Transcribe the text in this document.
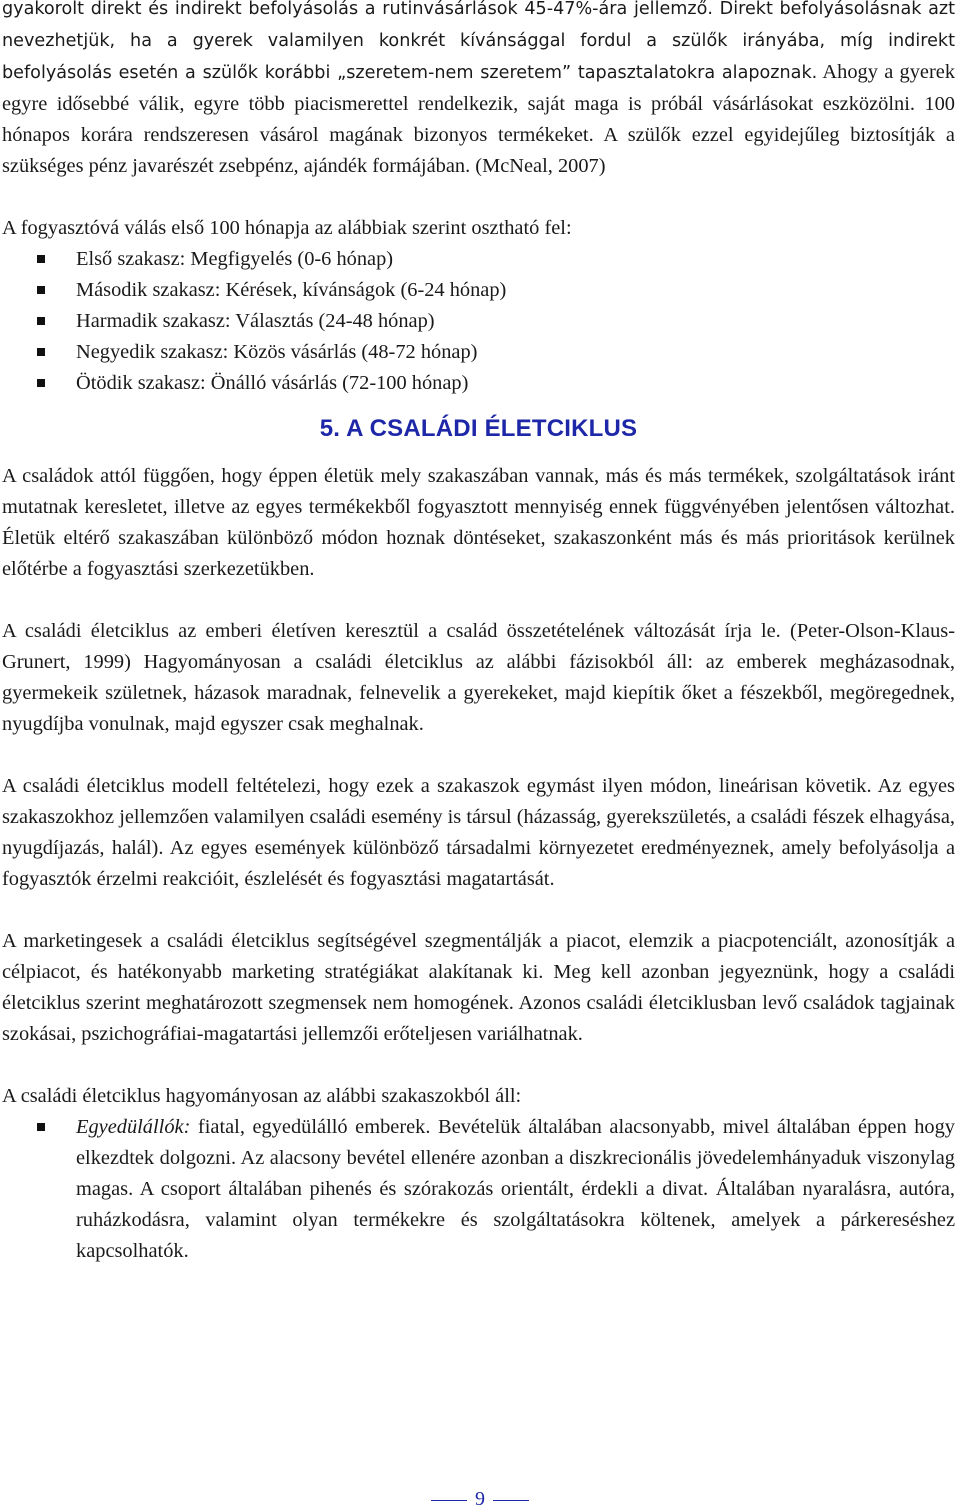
gyakorolt direkt és indirekt befolyásolás a rutinvásárlások 45-47%-ára jellemző. Direkt befolyásolásnak azt nevezhetjük, ha a gyerek valamilyen konkrét kívánsággal fordul a szülők irányába, míg indirekt befolyásolás esetén a szülők korábbi „szeretem-nem szeretem” tapasztalatokra alapoznak. Ahogy a gyerek egyre idősebbé válik, egyre több piacismerettel rendelkezik, saját maga is próbál vásárlásokat eszközölni. 100 hónapos korára rendszeresen vásárol magának bizonyos termékeket. A szülők ezzel egyidejűleg biztosítják a szükséges pénz javarészét zsebpénz, ajándék formájában. (McNeal, 2007)

A fogyasztóvá válás első 100 hónapja az alábbiak szerint osztható fel:

Első szakasz: Megfigyelés (0-6 hónap)
Második szakasz: Kérések, kívánságok (6-24 hónap)
Harmadik szakasz: Választás (24-48 hónap)
Negyedik szakasz: Közös vásárlás (48-72 hónap)
Ötödik szakasz: Önálló vásárlás (72-100 hónap)
5. A CSALÁDI ÉLETCIKLUS

A családok attól függően, hogy éppen életük mely szakaszában vannak, más és más termékek, szolgáltatások iránt mutatnak keresletet, illetve az egyes termékekből fogyasztott mennyiség ennek függvényében jelentősen változhat. Életük eltérő szakaszában különböző módon hoznak döntéseket, szakaszonként más és más prioritások kerülnek előtérbe a fogyasztási szerkezetükben.

A családi életciklus az emberi életíven keresztül a család összetételének változását írja le. (Peter-Olson-Klaus-Grunert, 1999) Hagyományosan a családi életciklus az alábbi fázisokból áll: az emberek megházasodnak, gyermekeik születnek, házasok maradnak, felnevelik a gyerekeket, majd kiepítik őket a fészekből, megöregednek, nyugdíjba vonulnak, majd egyszer csak meghalnak.

A családi életciklus modell feltételezi, hogy ezek a szakaszok egymást ilyen módon, lineárisan követik. Az egyes szakaszokhoz jellemzően valamilyen családi esemény is társul (házasság, gyerekszületés, a családi fészek elhagyása, nyugdíjazás, halál). Az egyes események különböző társadalmi környezetet eredményeznek, amely befolyásolja a fogyasztók érzelmi reakcióit, észlelését és fogyasztási magatartását.

A marketingesek a családi életciklus segítségével szegmentálják a piacot, elemzik a piacpotenciált, azonosítják a célpiacot, és hatékonyabb marketing stratégiákat alakítanak ki. Meg kell azonban jegyeznünk, hogy a családi életciklus szerint meghatározott szegmensek nem homogének. Azonos családi életciklusban levő családok tagjainak szokásai, pszichográfiai-magatartási jellemzői erőteljesen variálhatnak.

A családi életciklus hagyományosan az alábbi szakaszokból áll:

Egyedülállók: fiatal, egyedülálló emberek. Bevételük általában alacsonyabb, mivel általában éppen hogy elkezdtek dolgozni. Az alacsony bevétel ellenére azonban a diszkrecionális jövedelemhányaduk viszonylag magas. A csoport általában pihenés és szórakozás orientált, érdekli a divat. Általában nyaralásra, autóra, ruházkodásra, valamint olyan termékekre és szolgáltatásokra költenek, amelyek a párkereséshez kapcsolhatók.
9
